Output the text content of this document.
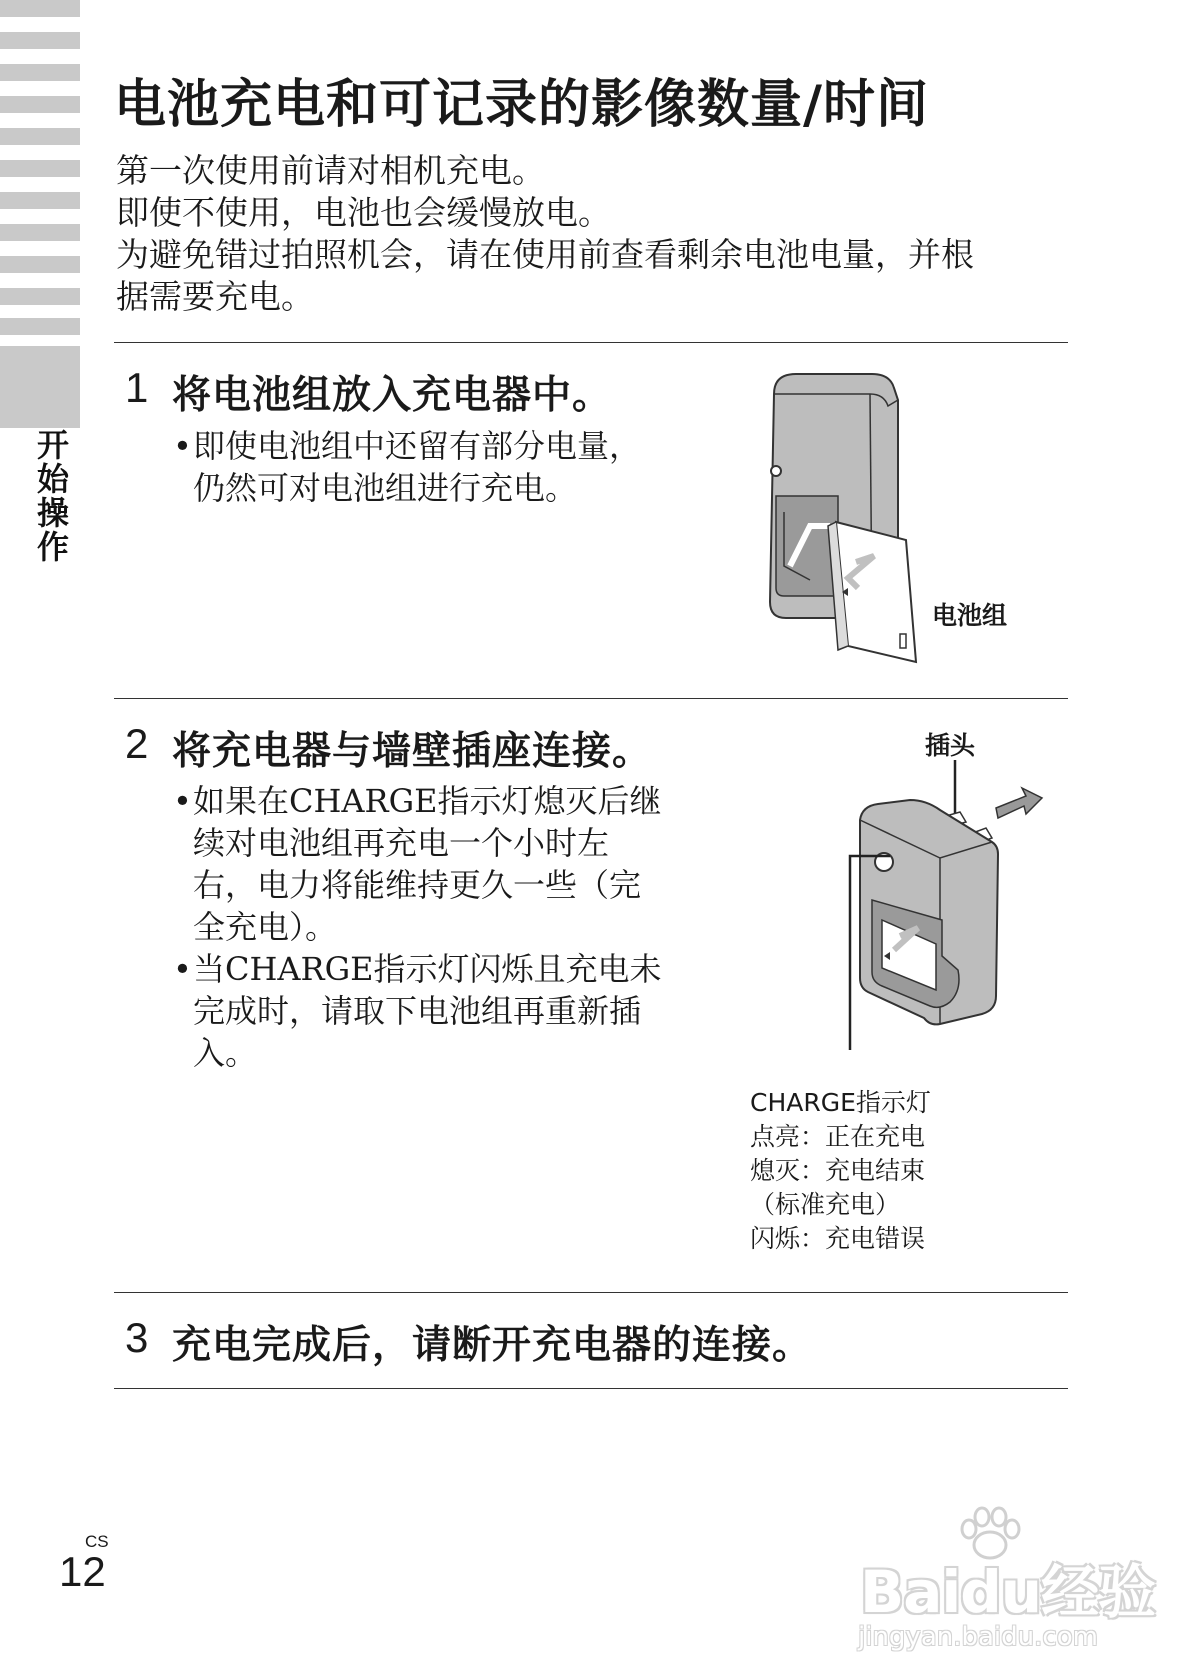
开始操作
电池充电和可记录的影像数量/时间
第一次使用前请对相机充电。
即使不使用，电池也会缓慢放电。
为避免错过拍照机会，请在使用前查看剩余电池电量，并根
据需要充电。
1 将电池组放入充电器中。
• 即使电池组中还留有部分电量，
仍然可对电池组进行充电。
电池组
2 将充电器与墙壁插座连接。
• 如果在CHARGE指示灯熄灭后继
续对电池组再充电一个小时左
右，电力将能维持更久一些（完
全充电）。
• 当CHARGE指示灯闪烁且充电未
完成时，请取下电池组再重新插
入。
插头
CHARGE指示灯
点亮：正在充电
熄灭：充电结束
（标准充电）
闪烁：充电错误
3 充电完成后，请断开充电器的连接。
CS
12	Baidu经验
jingyan.baidu.com
